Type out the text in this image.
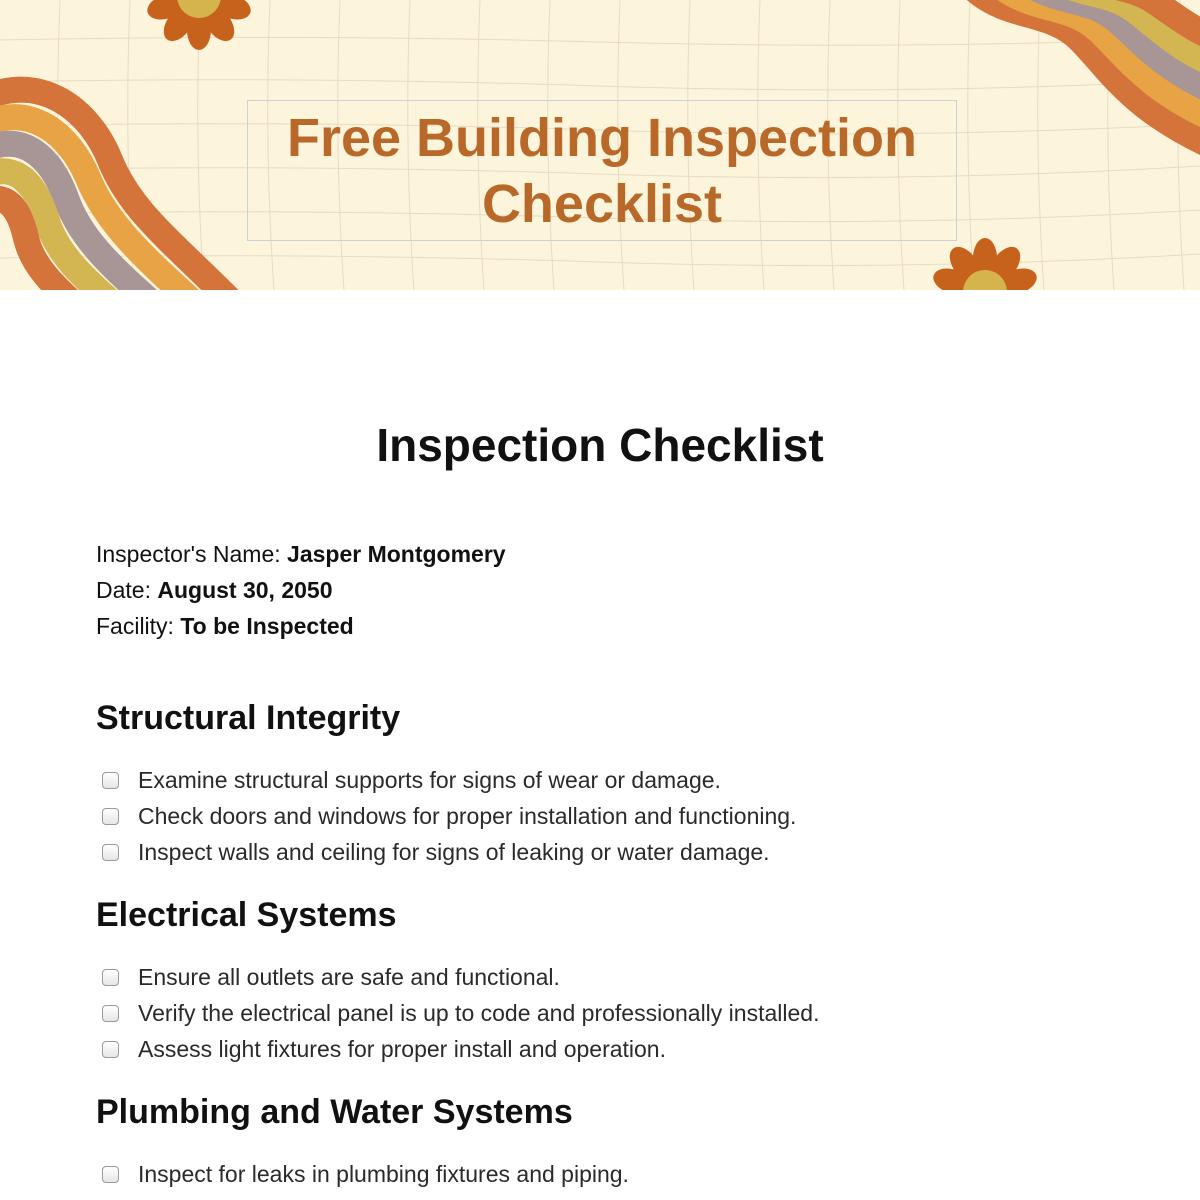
Free Building Inspection
Checklist
Inspection Checklist
Inspector's Name: Jasper Montgomery
Date: August 30, 2050
Facility: To be Inspected
Structural Integrity
Examine structural supports for signs of wear or damage.
Check doors and windows for proper installation and functioning.
Inspect walls and ceiling for signs of leaking or water damage.
Electrical Systems
Ensure all outlets are safe and functional.
Verify the electrical panel is up to code and professionally installed.
Assess light fixtures for proper install and operation.
Plumbing and Water Systems
Inspect for leaks in plumbing fixtures and piping.
